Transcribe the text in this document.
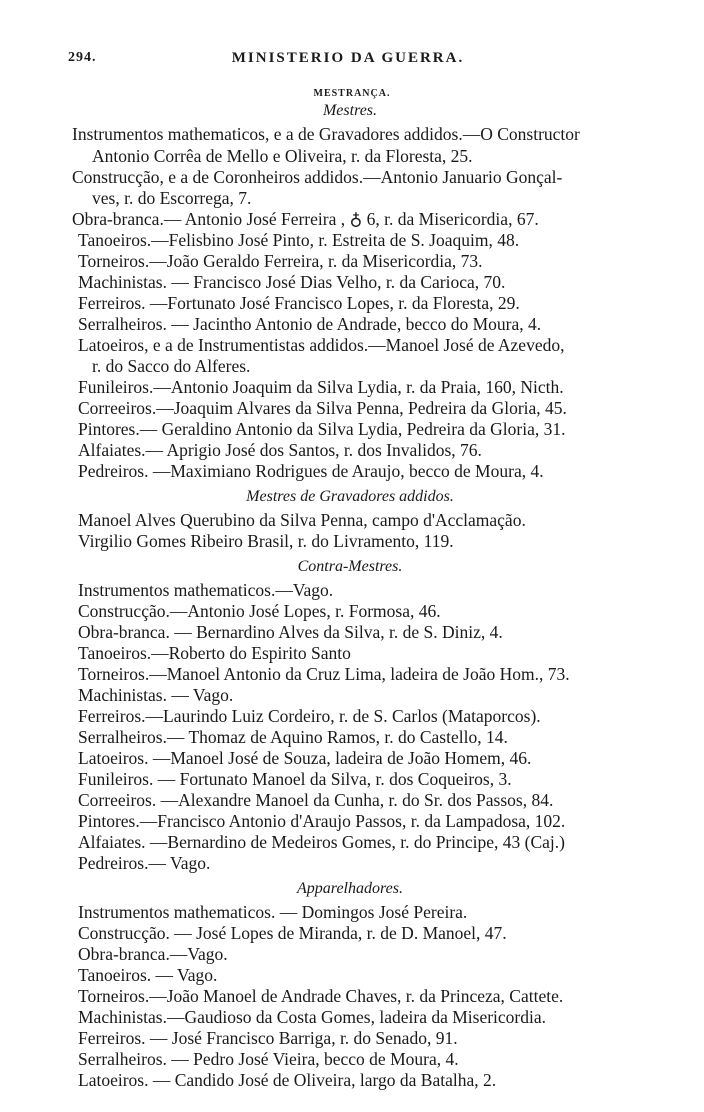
294.	MINISTERIO DA GUERRA.
MESTRANÇA.
Mestres.
Instrumentos mathematicos, e a de Gravadores addidos.—O Constructor
Antonio Corrêa de Mello e Oliveira, r. da Floresta, 25.
Construcção, e a de Coronheiros addidos.—Antonio Januario Gonçal-
ves, r. do Escorrega, 7.
Obra-branca.— Antonio José Ferreira , ♁ 6, r. da Misericordia, 67.
Tanoeiros.—Felisbino José Pinto, r. Estreita de S. Joaquim, 48.
Torneiros.—João Geraldo Ferreira, r. da Misericordia, 73.
Machinistas. — Francisco José Dias Velho, r. da Carioca, 70.
Ferreiros. —Fortunato José Francisco Lopes, r. da Floresta, 29.
Serralheiros. — Jacintho Antonio de Andrade, becco do Moura, 4.
Latoeiros, e a de Instrumentistas addidos.—Manoel José de Azevedo,
r. do Sacco do Alferes.
Funileiros.—Antonio Joaquim da Silva Lydia, r. da Praia, 160, Nicth.
Correeiros.—Joaquim Alvares da Silva Penna, Pedreira da Gloria, 45.
Pintores.— Geraldino Antonio da Silva Lydia, Pedreira da Gloria, 31.
Alfaiates.— Aprigio José dos Santos, r. dos Invalidos, 76.
Pedreiros. —Maximiano Rodrigues de Araujo, becco de Moura, 4.
Mestres de Gravadores addidos.
Manoel Alves Querubino da Silva Penna, campo d'Acclamação.
Virgilio Gomes Ribeiro Brasil, r. do Livramento, 119.
Contra-Mestres.
Instrumentos mathematicos.—Vago.
Construcção.—Antonio José Lopes, r. Formosa, 46.
Obra-branca. — Bernardino Alves da Silva, r. de S. Diniz, 4.
Tanoeiros.—Roberto do Espirito Santo
Torneiros.—Manoel Antonio da Cruz Lima, ladeira de João Hom., 73.
Machinistas. — Vago.
Ferreiros.—Laurindo Luiz Cordeiro, r. de S. Carlos (Mataporcos).
Serralheiros.— Thomaz de Aquino Ramos, r. do Castello, 14.
Latoeiros. —Manoel José de Souza, ladeira de João Homem, 46.
Funileiros. — Fortunato Manoel da Silva, r. dos Coqueiros, 3.
Correeiros. —Alexandre Manoel da Cunha, r. do Sr. dos Passos, 84.
Pintores.—Francisco Antonio d'Araujo Passos, r. da Lampadosa, 102.
Alfaiates. —Bernardino de Medeiros Gomes, r. do Principe, 43 (Caj.)
Pedreiros.— Vago.
Apparelhadores.
Instrumentos mathematicos. — Domingos José Pereira.
Construcção. — José Lopes de Miranda, r. de D. Manoel, 47.
Obra-branca.—Vago.
Tanoeiros. — Vago.
Torneiros.—João Manoel de Andrade Chaves, r. da Princeza, Cattete.
Machinistas.—Gaudioso da Costa Gomes, ladeira da Misericordia.
Ferreiros. — José Francisco Barriga, r. do Senado, 91.
Serralheiros. — Pedro José Vieira, becco de Moura, 4.
Latoeiros. — Candido José de Oliveira, largo da Batalha, 2.
